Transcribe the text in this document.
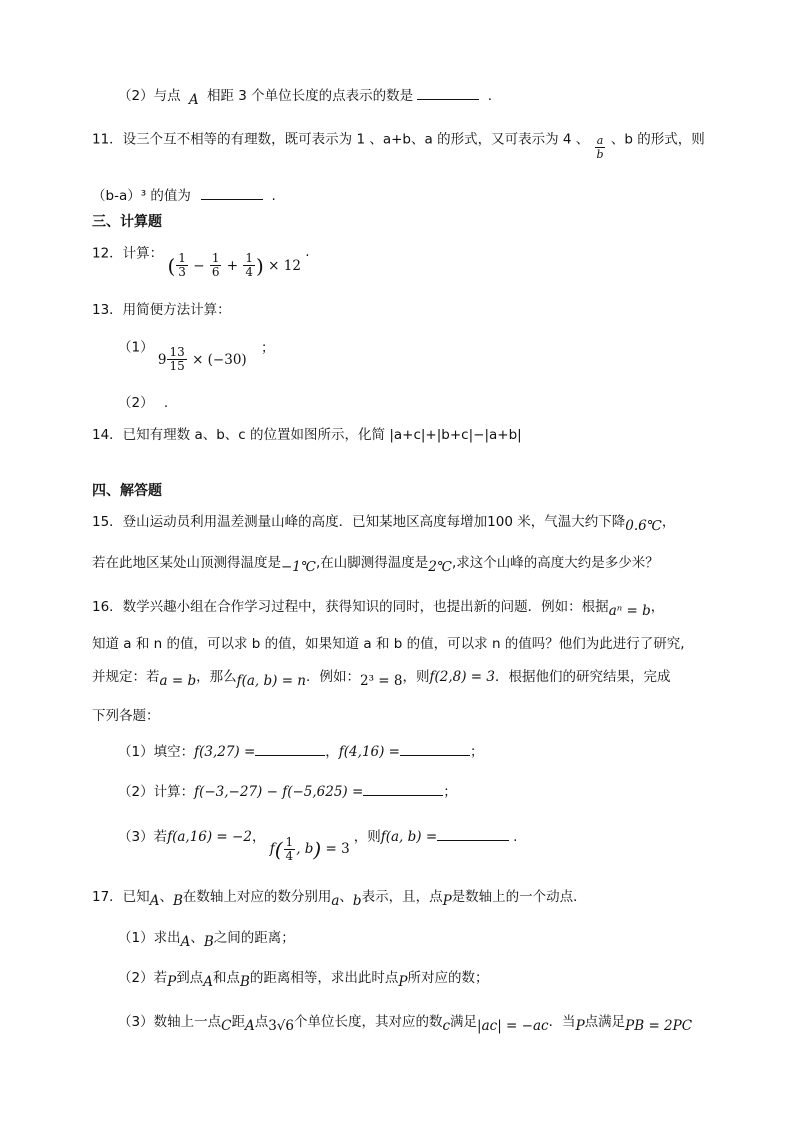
（2）与点 A 相距 3 个单位长度的点表示的数是	.
11．设三个互不相等的有理数，既可表示为 1 、a+b、a 的形式，又可表示为 4 、 $\frac{a}{b}$ 、b 的形式，则
（b-a）³ 的值为	.
三、计算题
12．计算： ( $\frac{1}{3} - \frac{1}{6} + \frac{1}{4}$ ) × 12 .
13．用简便方法计算：
（1） $9 \frac{13}{15} \times (-30)$ ；
（2） .
14．已知有理数 a、b、c 的位置如图所示，化简 |a+c|+|b+c|−|a+b|
四、解答题
15．登山运动员利用温差测量山峰的高度．已知某地区高度每增加100 米，气温大约下降0.6℃，
若在此地区某处山顶测得温度是−1℃,在山脚测得温度是2℃,求这个山峰的高度大约是多少米？
16．数学兴趣小组在合作学习过程中，获得知识的同时，也提出新的问题．例如：根据aⁿ = b，
知道 a 和 n 的值，可以求 b 的值，如果知道 a 和 b 的值，可以求 n 的值吗？他们为此进行了研究,
并规定：若a = b，那么f(a, b) = n．例如：2³ = 8，则f(2,8) = 3．根据他们的研究结果，完成
下列各题：
（1）填空：f(3,27) =	，f(4,16) =	；
（2）计算：f(−3,−27) − f(−5,625) =	；
（3）若f(a,16) = −2， $f( \frac{1}{4}$ , b) = 3，则f(a, b) =	.
17．已知A、B在数轴上对应的数分别用a、b表示，且，点P是数轴上的一个动点．
（1）求出A、B之间的距离；
（2）若P到点A和点B的距离相等，求出此时点P所对应的数；
（3）数轴上一点C距A点3√6个单位长度，其对应的数c满足|ac| = −ac．当P点满足PB = 2PC
